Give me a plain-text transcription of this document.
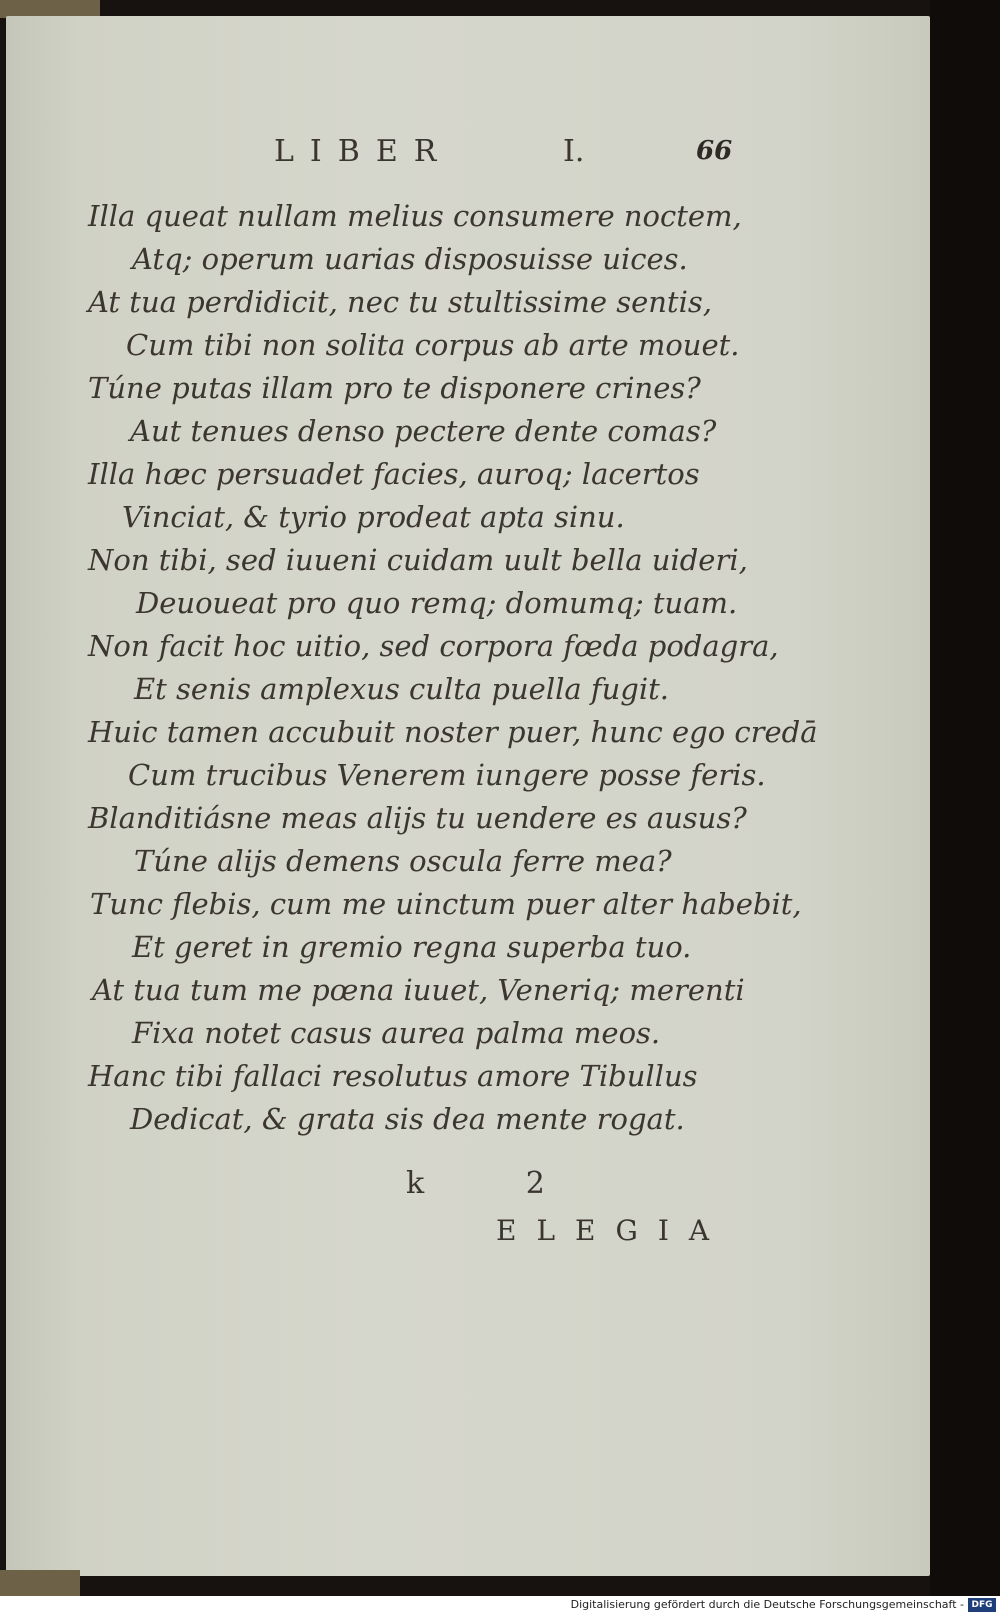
LIBER	I.	66
Illa queat nullam melius consumere noctem,
Atq; operum uarias disposuisse uices.
At tua perdidicit, nec tu stultissime sentis,
Cum tibi non solita corpus ab arte mouet.
Túne putas illam pro te disponere crines?
Aut tenues denso pectere dente comas?
Illa hæc persuadet facies, auroq; lacertos
Vinciat, & tyrio prodeat apta sinu.
Non tibi, sed iuueni cuidam uult bella uideri,
Deuoueat pro quo remq; domumq; tuam.
Non facit hoc uitio, sed corpora fœda podagra,
Et senis amplexus culta puella fugit.
Huic tamen accubuit noster puer, hunc ego credā
Cum trucibus Venerem iungere posse feris.
Blanditiásne meas alijs tu uendere es ausus?
Túne alijs demens oscula ferre mea?
Tunc flebis, cum me uinctum puer alter habebit,
Et geret in gremio regna superba tuo.
At tua tum me pœna iuuet, Veneriq; merenti
Fixa notet casus aurea palma meos.
Hanc tibi fallaci resolutus amore Tibullus
Dedicat, & grata sis dea mente rogat.
k 2
ELEGIA
Digitalisierung gefördert durch die Deutsche Forschungsgemeinschaft - DFG
